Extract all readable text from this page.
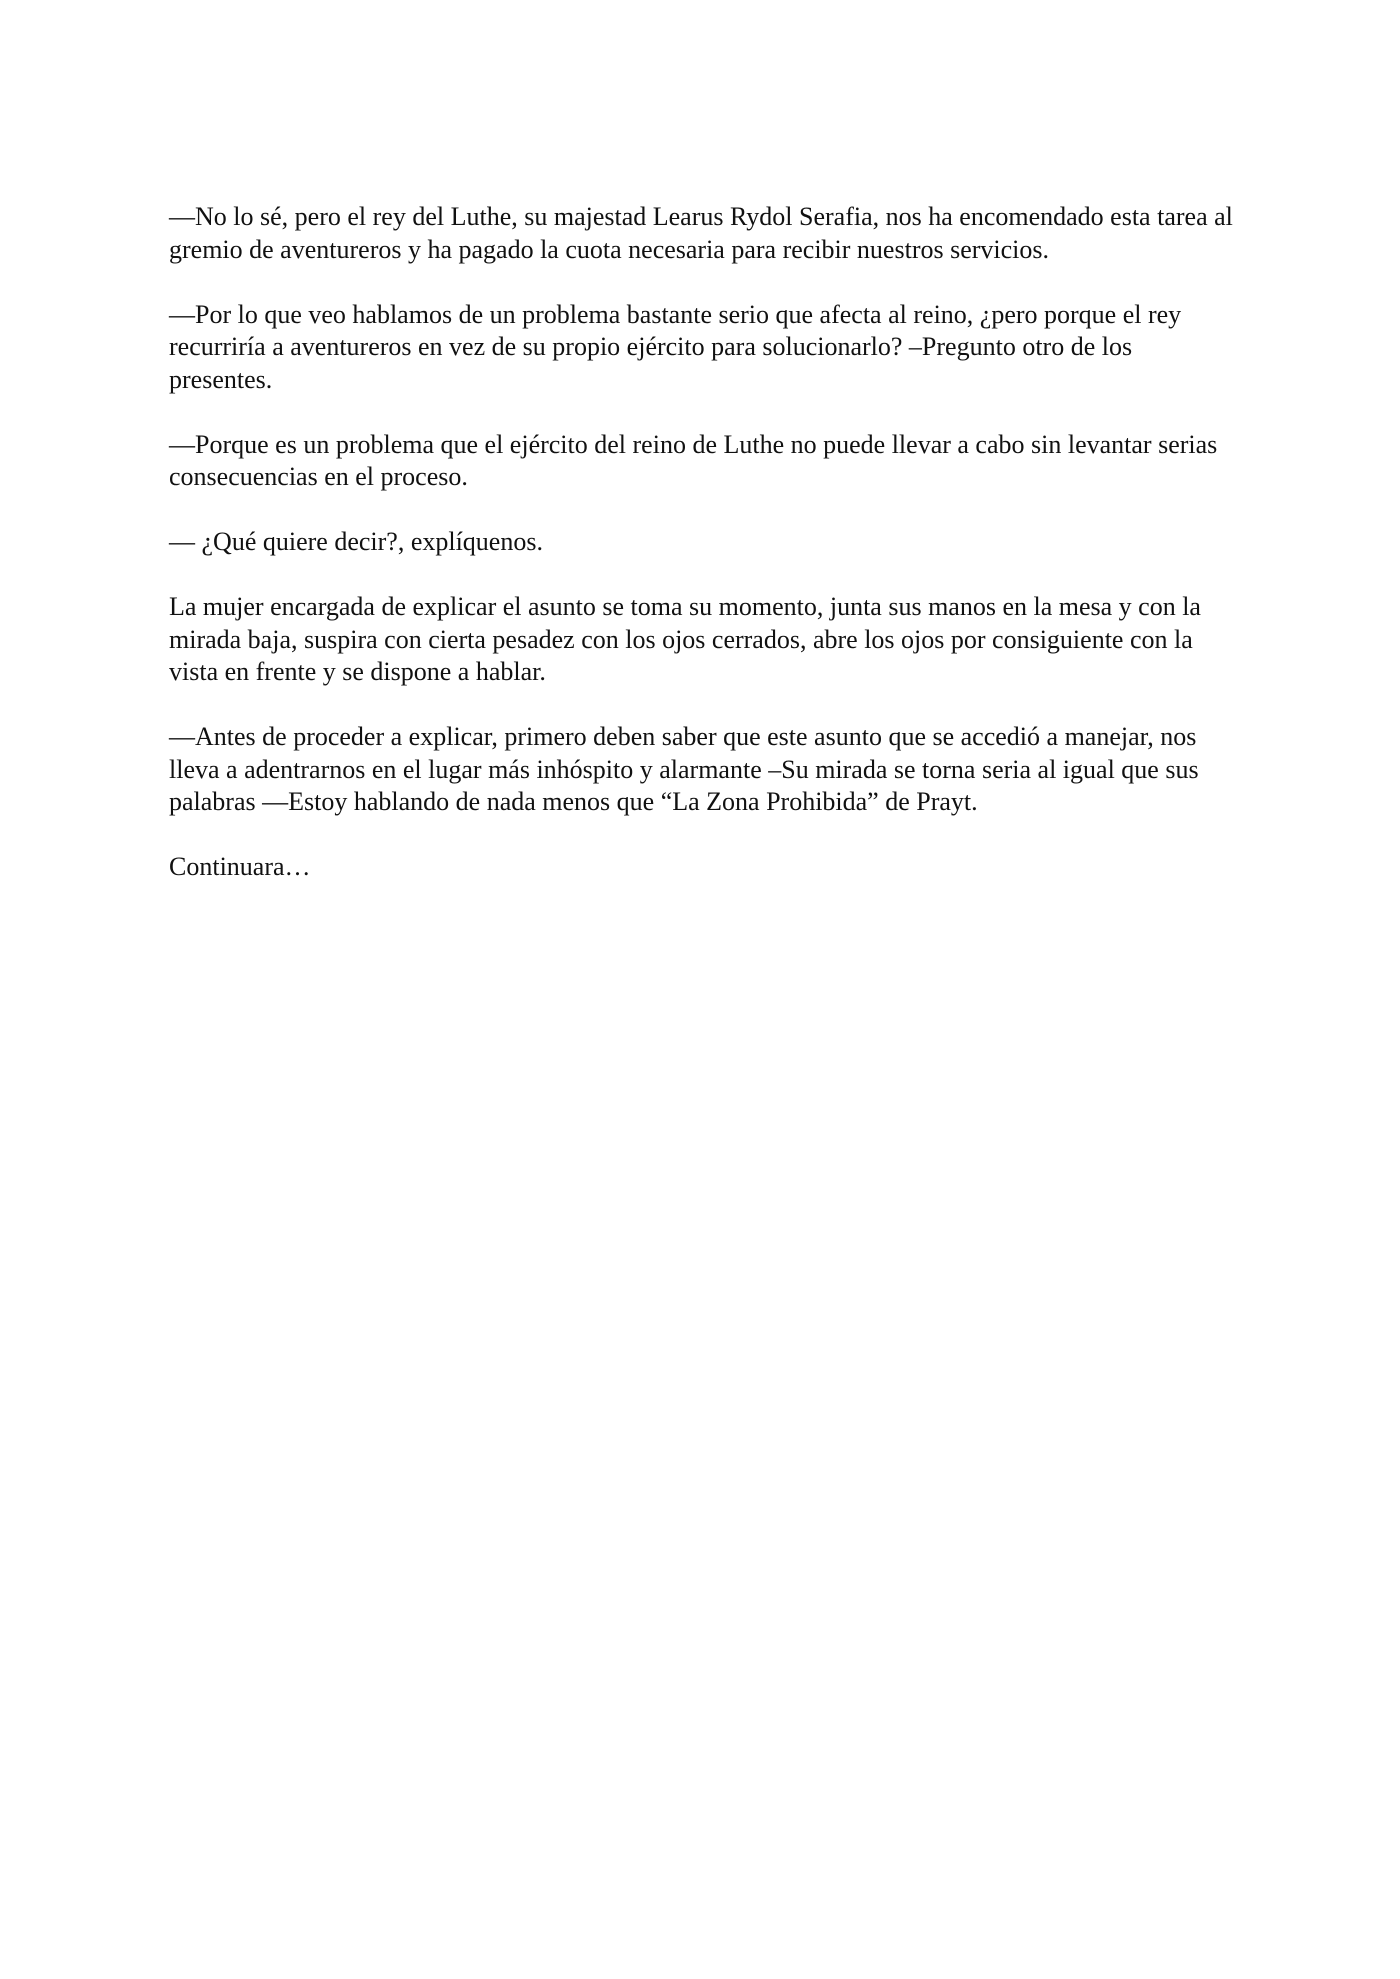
—No lo sé, pero el rey del Luthe, su majestad Learus Rydol Serafia, nos ha encomendado esta tarea al gremio de aventureros y ha pagado la cuota necesaria para recibir nuestros servicios.

—Por lo que veo hablamos de un problema bastante serio que afecta al reino, ¿pero porque el rey recurriría a aventureros en vez de su propio ejército para solucionarlo? –Pregunto otro de los presentes.

—Porque es un problema que el ejército del reino de Luthe no puede llevar a cabo sin levantar serias consecuencias en el proceso.

— ¿Qué quiere decir?, explíquenos.

La mujer encargada de explicar el asunto se toma su momento, junta sus manos en la mesa y con la mirada baja, suspira con cierta pesadez con los ojos cerrados, abre los ojos por consiguiente con la vista en frente y se dispone a hablar.

—Antes de proceder a explicar, primero deben saber que este asunto que se accedió a manejar, nos lleva a adentrarnos en el lugar más inhóspito y alarmante –Su mirada se torna seria al igual que sus palabras —Estoy hablando de nada menos que “La Zona Prohibida” de Prayt.

Continuara…
